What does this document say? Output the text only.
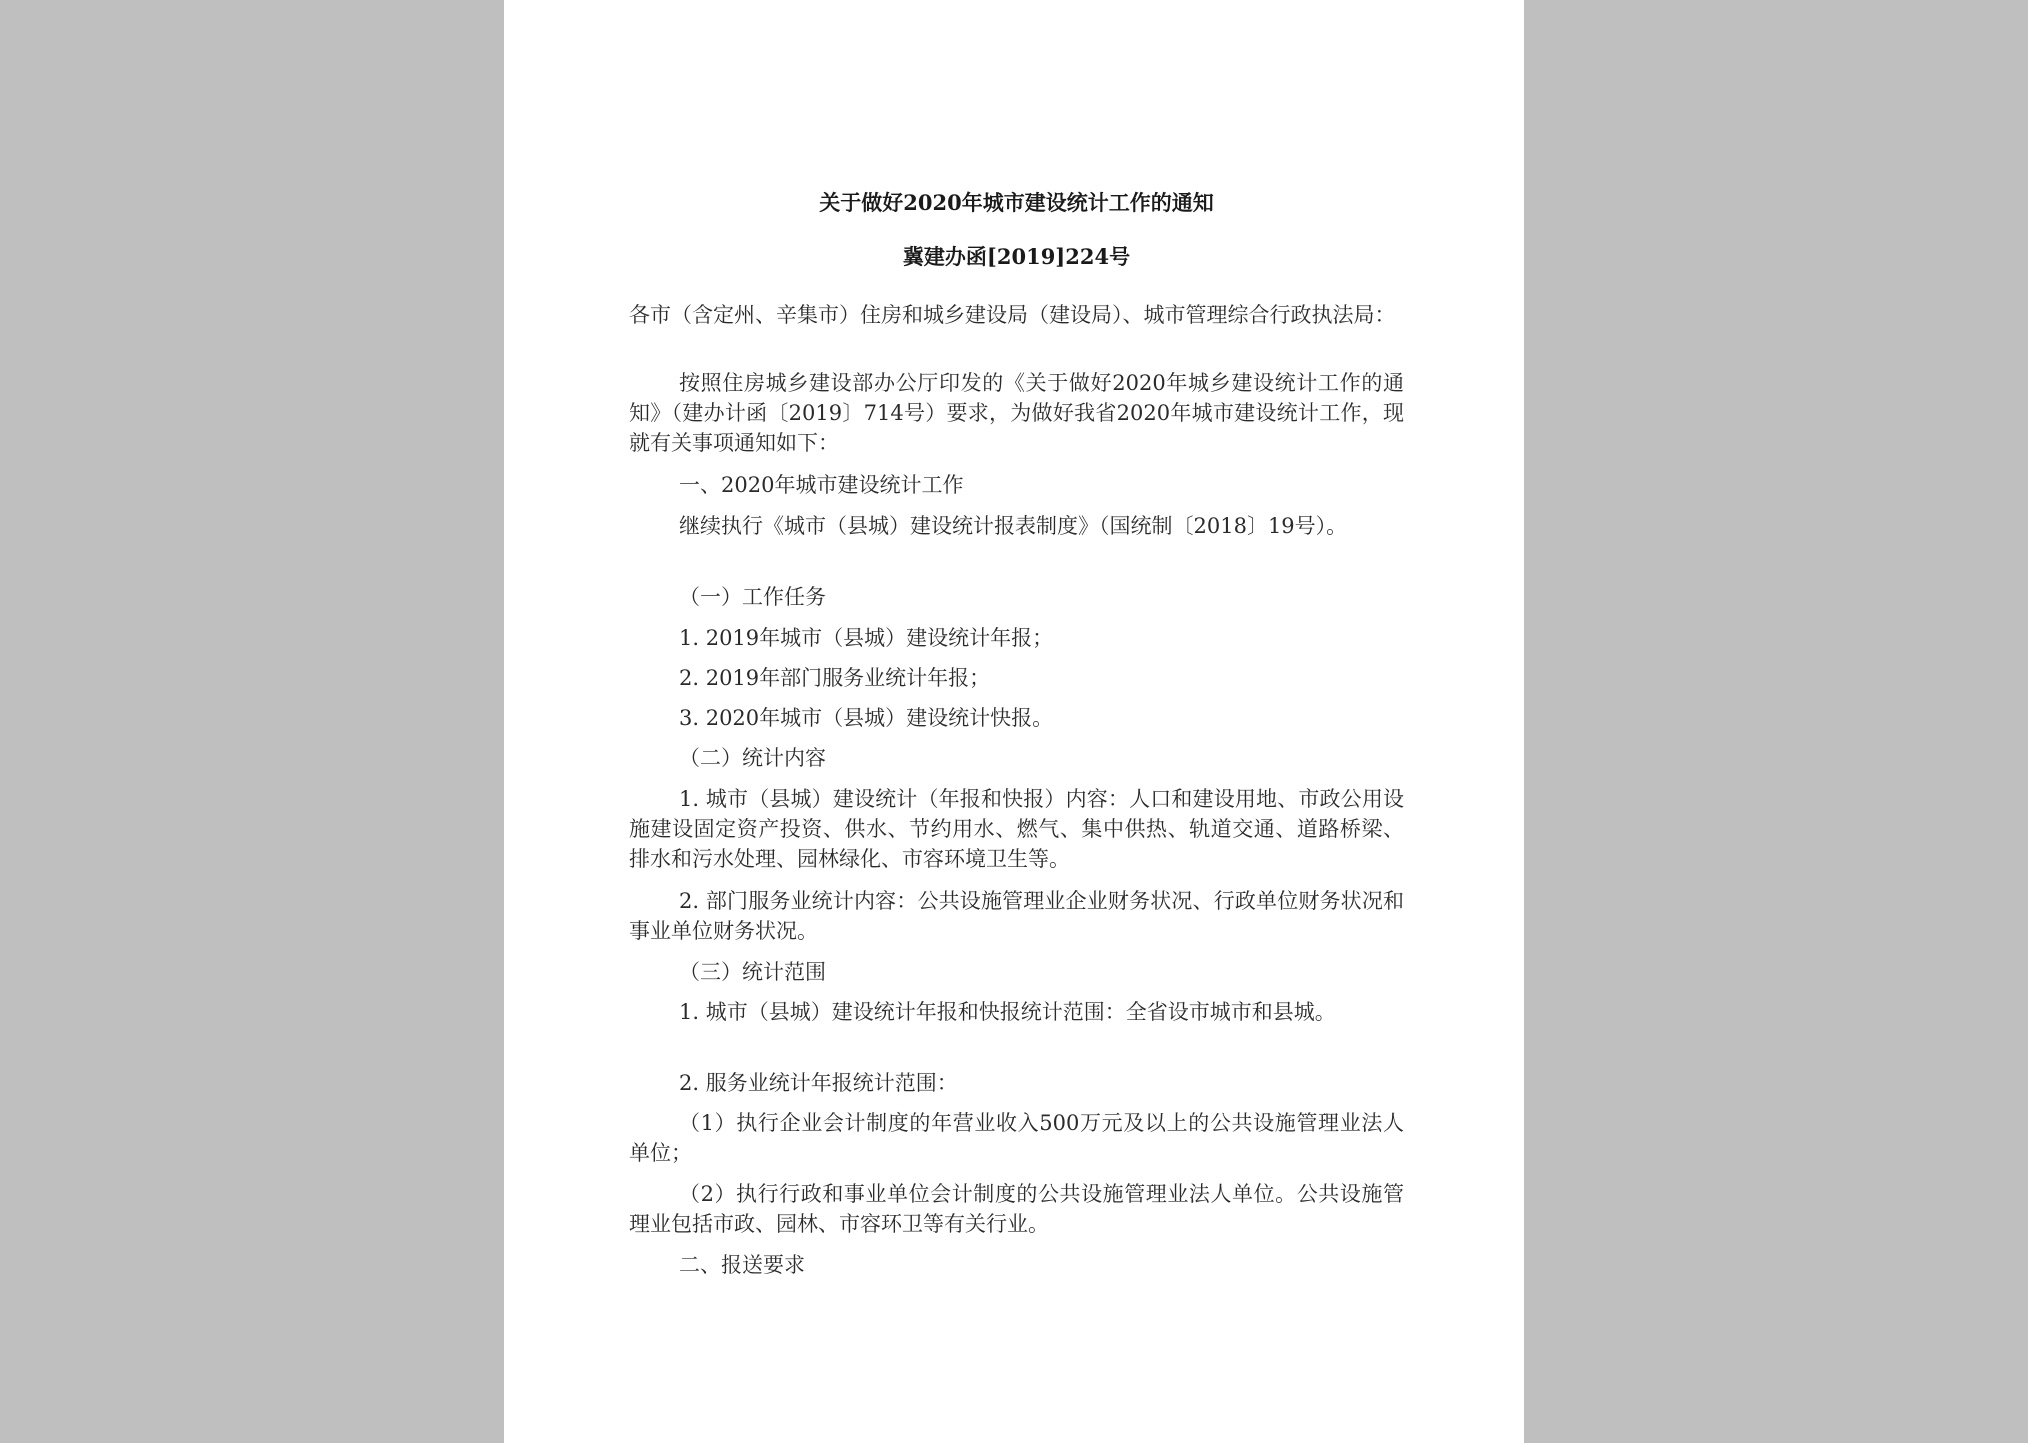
关于做好2020年城市建设统计工作的通知
冀建办函[2019]224号

各市（含定州、辛集市）住房和城乡建设局（建设局）、城市管理综合行政执法局：

按照住房城乡建设部办公厅印发的《关于做好2020年城乡建设统计工作的通知》（建办计函〔2019〕714号）要求，为做好我省2020年城市建设统计工作，现就有关事项通知如下：

一、2020年城市建设统计工作

继续执行《城市（县城）建设统计报表制度》（国统制〔2018〕19号）。

（一）工作任务

1. 2019年城市（县城）建设统计年报；

2. 2019年部门服务业统计年报；

3. 2020年城市（县城）建设统计快报。

（二）统计内容

1. 城市（县城）建设统计（年报和快报）内容：人口和建设用地、市政公用设施建设固定资产投资、供水、节约用水、燃气、集中供热、轨道交通、道路桥梁、排水和污水处理、园林绿化、市容环境卫生等。

2. 部门服务业统计内容：公共设施管理业企业财务状况、行政单位财务状况和事业单位财务状况。

（三）统计范围

1. 城市（县城）建设统计年报和快报统计范围：全省设市城市和县城。

2. 服务业统计年报统计范围：

（1）执行企业会计制度的年营业收入500万元及以上的公共设施管理业法人单位；

（2）执行行政和事业单位会计制度的公共设施管理业法人单位。公共设施管理业包括市政、园林、市容环卫等有关行业。

二、报送要求
